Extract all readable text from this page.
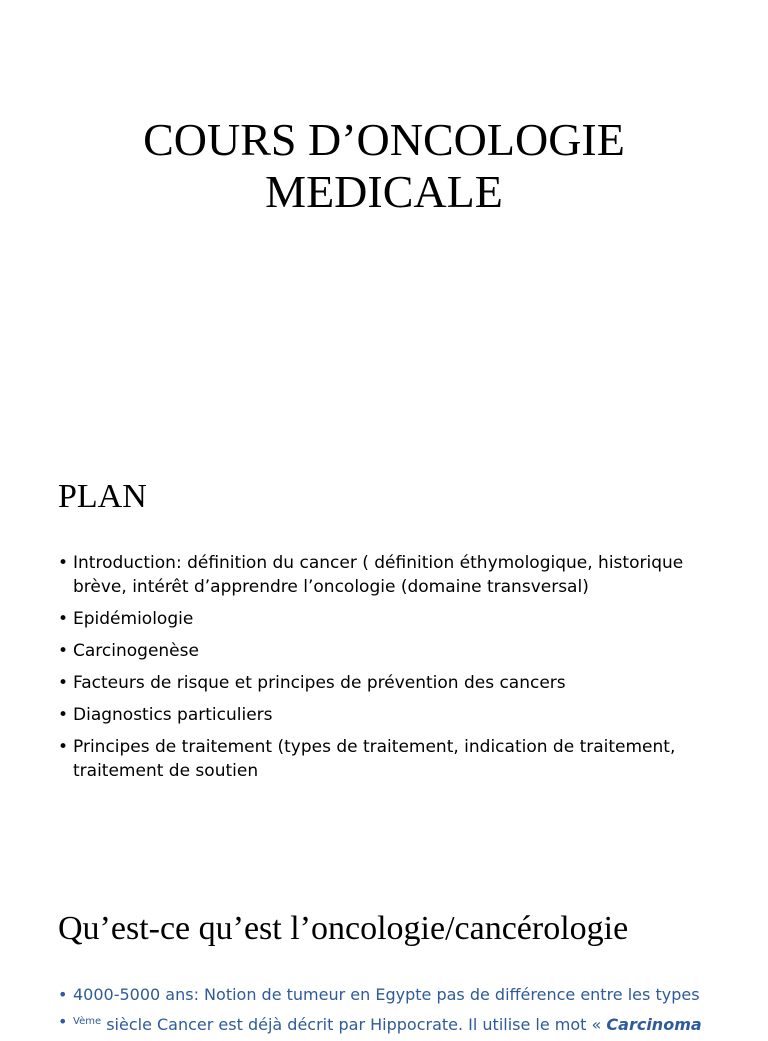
COURS D’ONCOLOGIE
MEDICALE
PLAN
• Introduction: définition du cancer ( définition éthymologique, historique brève, intérêt d’apprendre l’oncologie (domaine transversal)
• Epidémiologie
• Carcinogenèse
• Facteurs de risque et principes de prévention des cancers
• Diagnostics particuliers
• Principes de traitement (types de traitement, indication de traitement, traitement de soutien
Qu’est-ce qu’est l’oncologie/cancérologie
• 4000-5000 ans: Notion de tumeur en Egypte pas de différence entre les types
• $^{Vème}$ siècle Cancer est déjà décrit par Hippocrate. Il utilise le mot « Carcinoma
